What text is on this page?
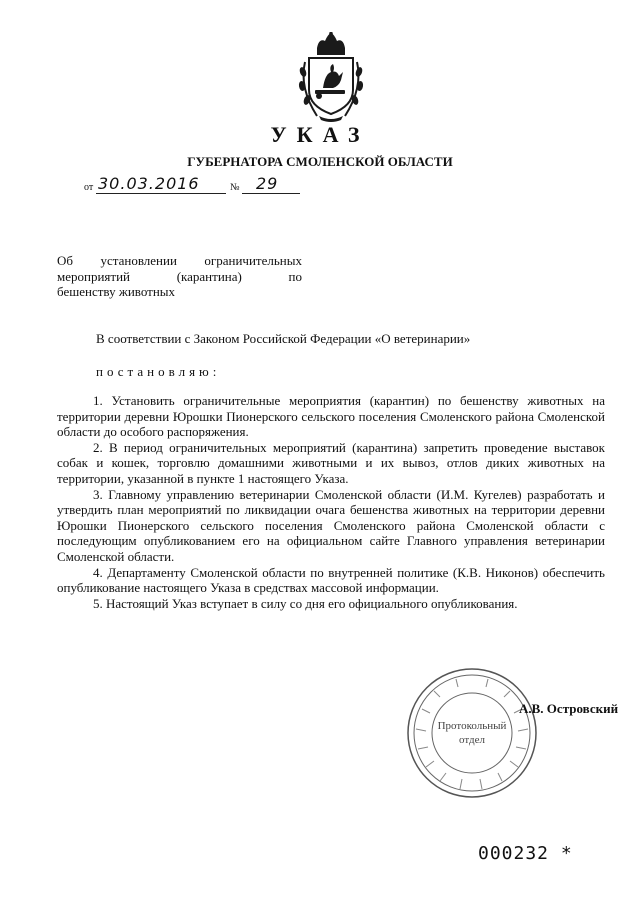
УКАЗ
ГУБЕРНАТОРА СМОЛЕНСКОЙ ОБЛАСТИ
от 30.03.2016	№ 29
Об установлении ограничительных
мероприятий (карантина) по
бешенству животных
В соответствии с Законом Российской Федерации «О ветеринарии»
постановляю:

1. Установить ограничительные мероприятия (карантин) по бешенству животных на территории деревни Юрошки Пионерского сельского поселения Смоленского района Смоленской области до особого распоряжения.

2. В период ограничительных мероприятий (карантина) запретить проведение выставок собак и кошек, торговлю домашними животными и их вывоз, отлов диких животных на территории, указанной в пункте 1 настоящего Указа.

3. Главному управлению ветеринарии Смоленской области (И.М. Кугелев) разработать и утвердить план мероприятий по ликвидации очага бешенства животных на территории деревни Юрошки Пионерского сельского поселения Смоленского района Смоленской области с последующим опубликованием его на официальном сайте Главного управления ветеринарии Смоленской области.

4. Департаменту Смоленской области по внутренней политике (К.В. Никонов) обеспечить опубликование настоящего Указа в средствах массовой информации.

5. Настоящий Указ вступает в силу со дня его официального опубликования.

Протокольный
отдел
А.В. Островский
000232 *
